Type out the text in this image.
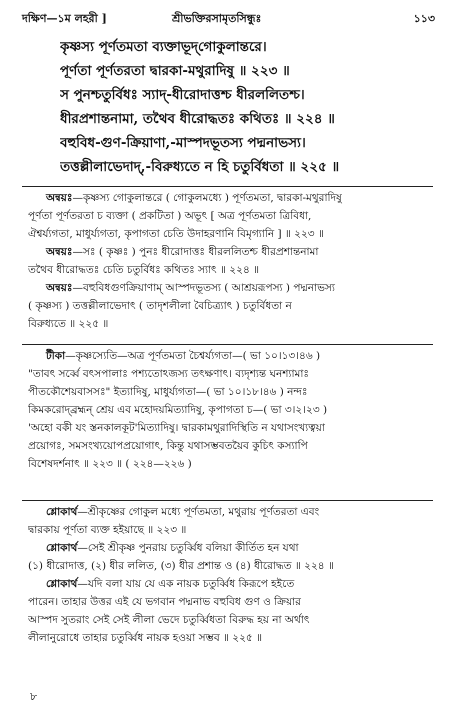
দক্ষিণ—১ম লহরী ]	শ্রীভক্তিরসামৃতসিন্ধুঃ	১১৩
কৃষ্ণস্য পূর্ণতমতা ব্যক্তাভূদ্‌গোকুলান্তরে।
পূর্ণতা পূর্ণতরতা দ্বারকা-মথুরাদিষু ॥ ২২৩ ॥
স পুনশ্চতুর্বিধঃ স্যাদ্‌-ধীরোদাত্তশ্চ ধীরললিতশ্চ।
ধীরপ্রশান্তনামা, তথৈব ধীরোদ্ধতঃ কথিতঃ ॥ ২২৪ ॥
বহুবিধ-গুণ-ক্রিয়াণা,-মাস্পদভূতস্য পদ্মনাভস্য।
তত্তল্লীলাভেদাদ্‌,-বিরুধ্যতে ন হি চতুর্বিধতা ॥ ২২৫ ॥
অন্বয়ঃ—কৃষ্ণস্য গোকুলান্তরে ( গোকুলমধ্যে ) পূর্ণতমতা, দ্বারকা-মথুরাদিষু
পূর্ণতা পূর্ণতরতা চ ব্যক্তা ( প্রকটিতা ) অভূৎ [ অত্র পূর্ণতমতা ত্রিবিধা,
ঐশ্বর্য্যগতা, মাধুর্য্যগতা, কৃপাগতা চেতি উদাহরণানি বিমৃগ্যানি ] ॥ ২২৩ ॥
অন্বয়ঃ—সঃ ( কৃষ্ণঃ ) পুনঃ ধীরোদাত্তঃ ধীরললিতশ্চ ধীরপ্রশান্তনামা
তথৈব ধীরোদ্ধতঃ চেতি চতুর্বিধঃ কথিতঃ স্যাৎ ॥ ২২৪ ॥
অন্বয়ঃ—বহুবিধগুণক্রিয়াণাম্‌ আস্পদভূতস্য ( আশ্রয়রূপস্য ) পদ্মনাভস্য
( কৃষ্ণস্য ) তত্তল্লীলাভেদাৎ ( তাদৃশলীলা বৈচিত্র্যাৎ ) চতুর্বিধতা ন
বিরুধ্যতে ॥ ২২৫ ॥
টীকা—কৃষ্ণস্যেতি—অত্র পূর্ণতমতা চৈশ্বর্য্যগতা—( ভা ১০।১৩।৪৬ )
"তাবৎ সর্ব্বে বৎসপালাঃ পশ্যতোঽজস্য তৎক্ষণাৎ। ব্যদৃশ্যন্ত ঘনশ্যামাঃ
পীতকৌশেয়বাসসঃ" ইত্যাদিষু, মাধুর্য্যগতা—( ভা ১০।১৮।৪৬ ) নন্দঃ
কিমকরোদ্‌ব্রহ্মন্‌ শ্রেয় এব মহোদয়মিত্যাদিষু, কৃপাগতা চ—( ভা ৩।২।২৩ )
'অহো বকী যং স্তনকালকূট'মিত্যাদিষু। দ্বারকামথুরাদিস্থিতি ন যথাসংখ্যত্বয়া
প্রয়োগঃ, সমসংখ্যয়োপপ্রয়োগাৎ, কিন্তু যথাসম্ভবতয়ৈব কুচিৎ কস্যাপি
বিশেষদর্শনাৎ ॥ ২২৩ ॥ ( ২২৪—২২৬ )
শ্লোকার্থ—শ্রীকৃষ্ণের গোকুল মধ্যে পূর্ণতমতা, মথুরায় পূর্ণতরতা এবং
দ্বারকায় পূর্ণতা ব্যক্ত হইয়াছে ॥ ২২৩ ॥
শ্লোকার্থ—সেই শ্রীকৃষ্ণ পুনরায় চতুর্ব্বিধ বলিয়া কীর্তিত হন যথা
(১) ধীরোদাত্ত, (২) ধীর ললিত, (৩) ধীর প্রশান্ত ও (৪) ধীরোদ্ধত ॥ ২২৪ ॥
শ্লোকার্থ—যদি বলা যায় যে এক নায়ক চতুর্ব্বিধ কিরূপে হইতে
পারেন। তাহার উত্তর এই যে ভগবান পদ্মনাভ বহুবিধ গুণ ও ক্রিয়ার
আস্পদ সুতরাং সেই সেই লীলা ভেদে চতুর্ব্বিধতা বিরুদ্ধ হয় না অর্থাৎ
লীলানুরোধে তাহার চতুর্ব্বিধ নায়ক হওয়া সম্ভব ॥ ২২৫ ॥
৮
